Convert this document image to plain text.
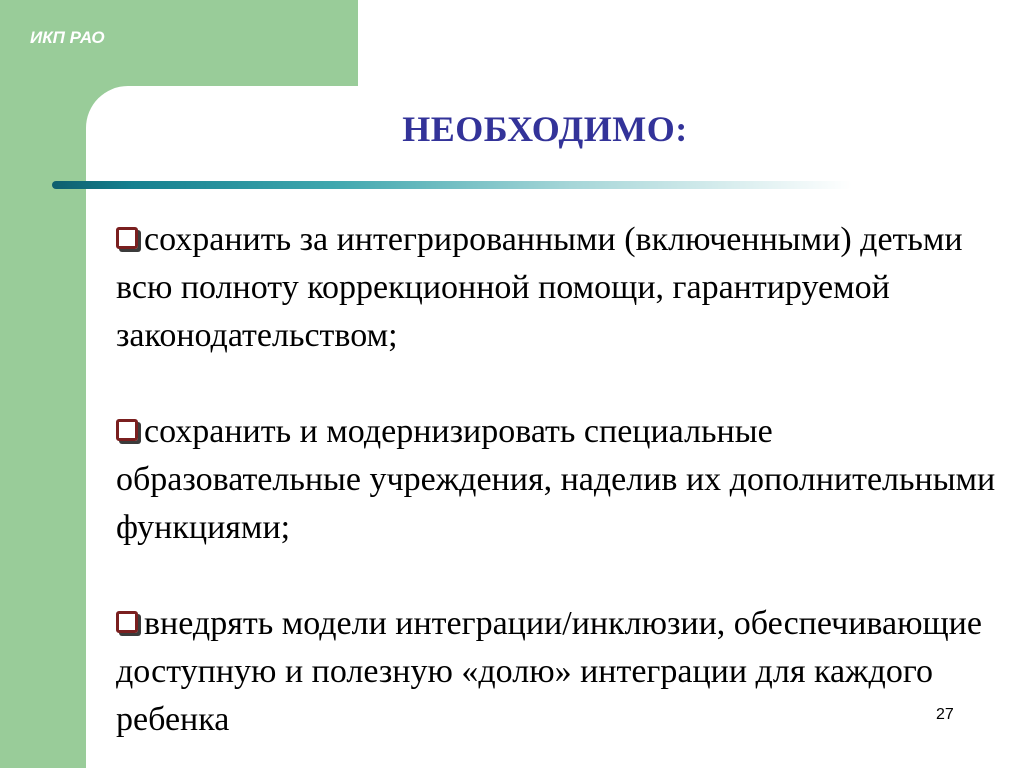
ИКП РАО
НЕОБХОДИМО:

сохранить за интегрированными (включенными) детьми всю полноту коррекционной помощи, гарантируемой законодательством;

сохранить и модернизировать специальные образовательные учреждения, наделив их дополнительными функциями;

внедрять модели интеграции/инклюзии, обеспечивающие доступную и полезную «долю» интеграции для каждого ребенка	27
